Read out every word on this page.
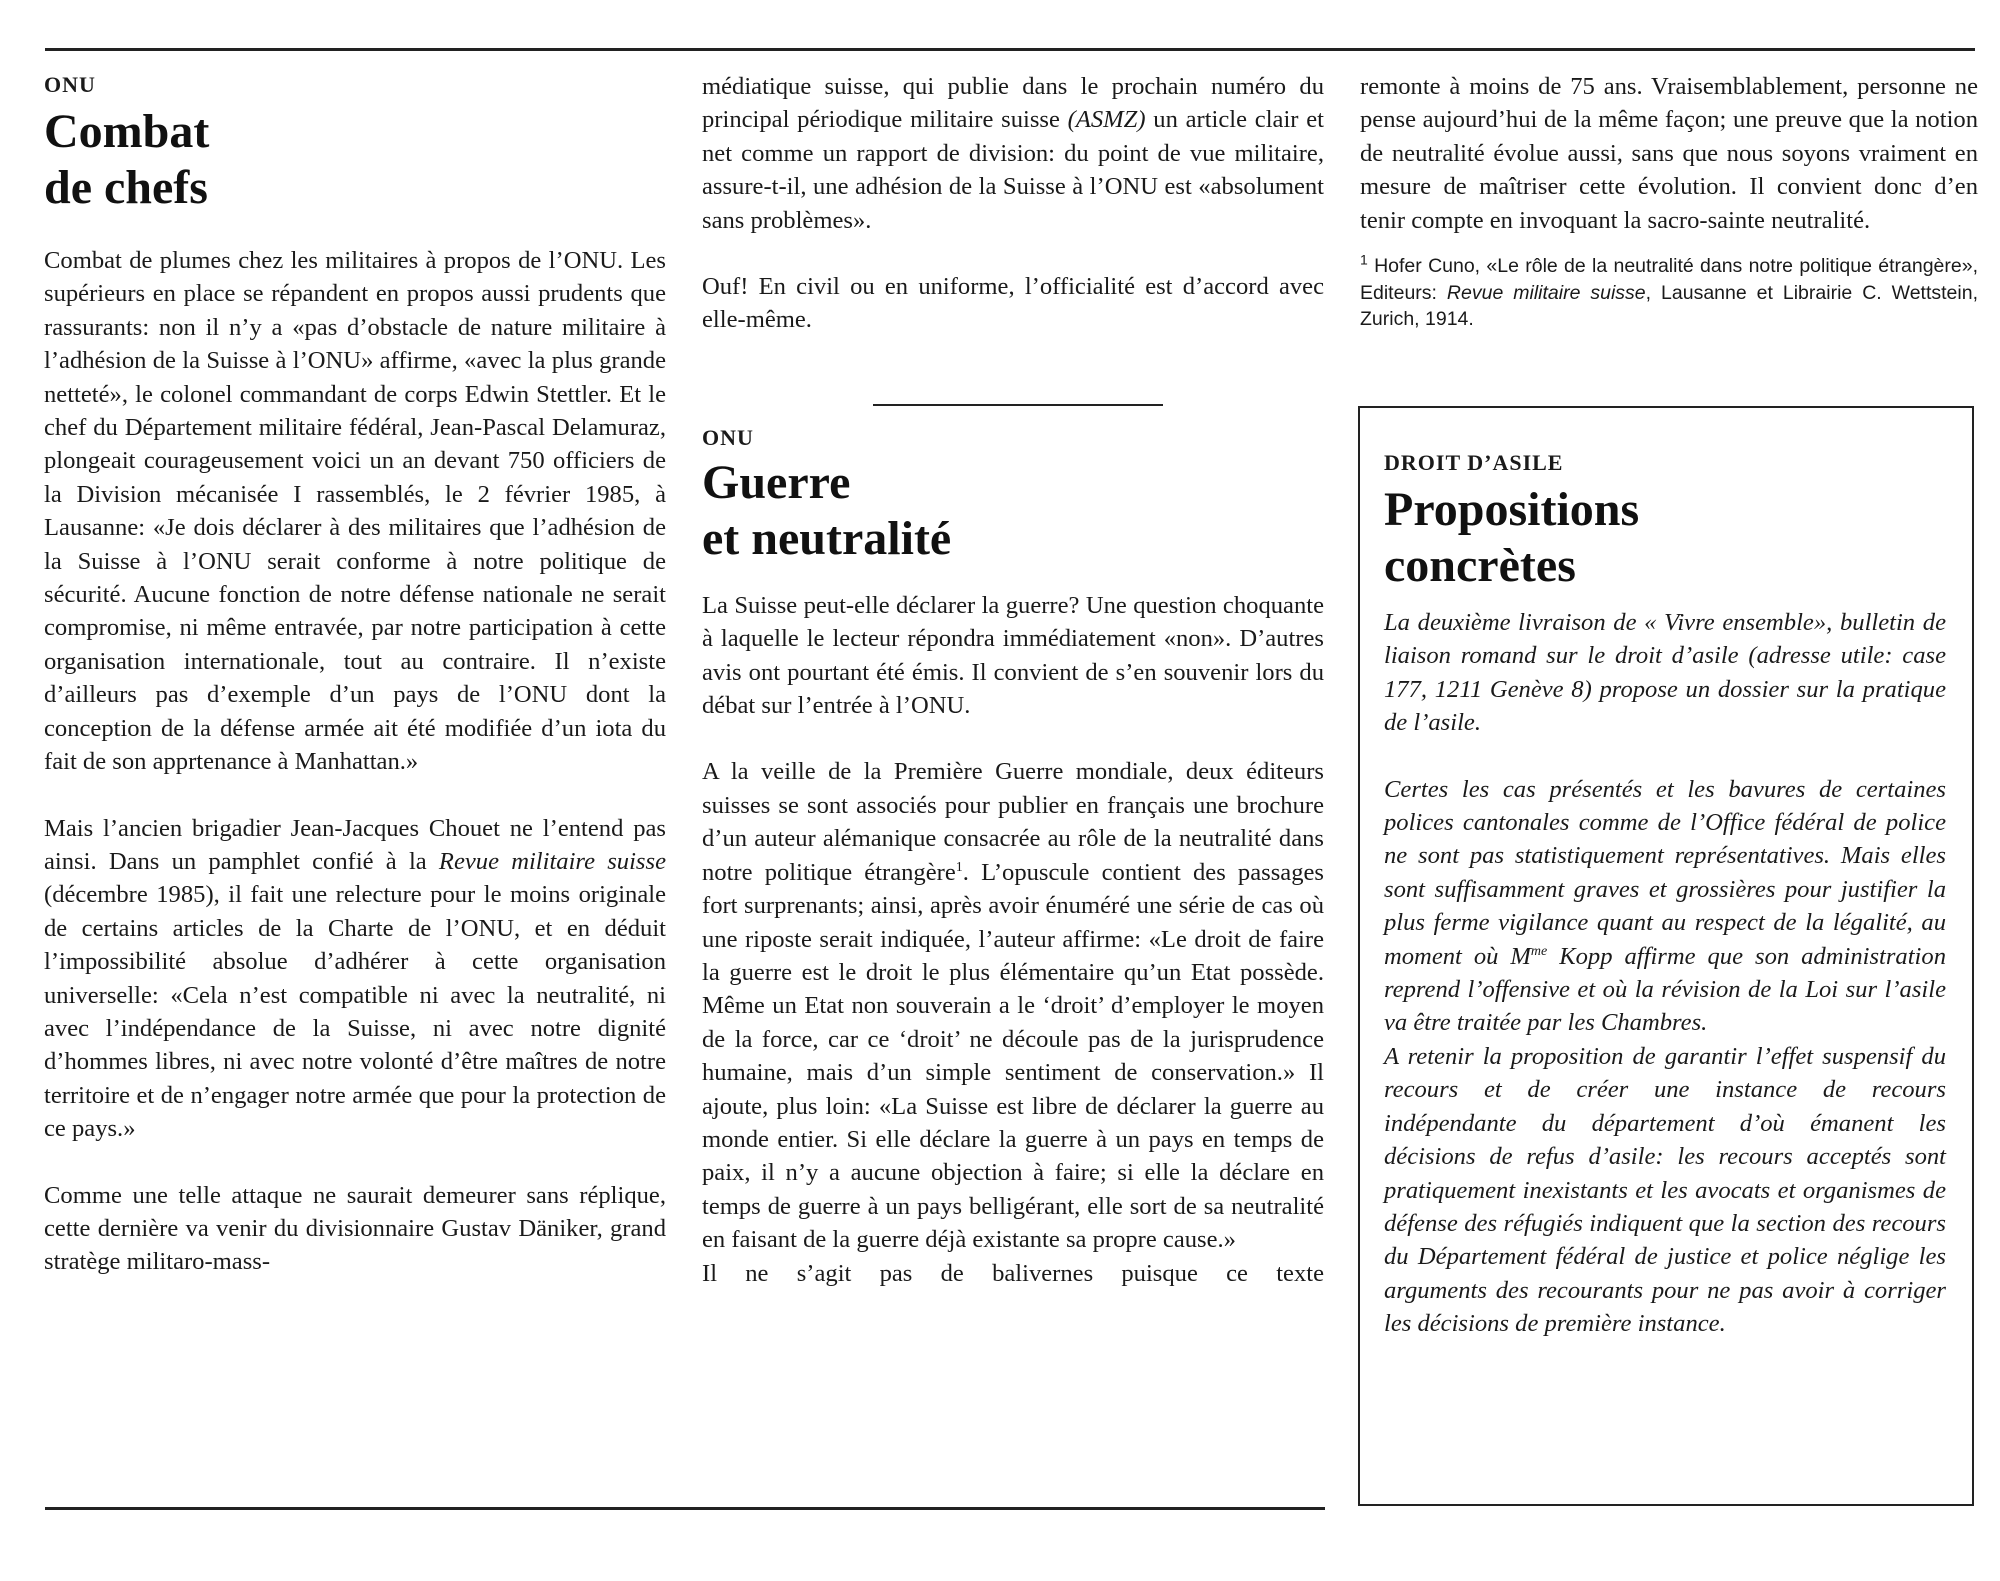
ONU

Combat
de chefs

Combat de plumes chez les militaires à propos de l’ONU. Les supérieurs en place se répandent en propos aussi prudents que rassurants: non il n’y a «pas d’obstacle de nature militaire à l’adhésion de la Suisse à l’ONU» affirme, «avec la plus grande netteté», le colonel commandant de corps Edwin Stettler. Et le chef du Département militaire fédéral, Jean-Pascal Delamuraz, plongeait courageusement voici un an devant 750 officiers de la Division mécanisée I rassemblés, le 2 février 1985, à Lausanne: «Je dois déclarer à des militaires que l’adhésion de la Suisse à l’ONU serait conforme à notre politique de sécurité. Aucune fonction de notre défense nationale ne serait compromise, ni même entravée, par notre participation à cette organisation internationale, tout au contraire. Il n’existe d’ailleurs pas d’exemple d’un pays de l’ONU dont la conception de la défense armée ait été modifiée d’un iota du fait de son apprtenance à Manhattan.»

Mais l’ancien brigadier Jean-Jacques Chouet ne l’entend pas ainsi. Dans un pamphlet confié à la Revue militaire suisse (décembre 1985), il fait une relecture pour le moins originale de certains articles de la Charte de l’ONU, et en déduit l’impossibilité absolue d’adhérer à cette organisation universelle: «Cela n’est compatible ni avec la neutralité, ni avec l’indépendance de la Suisse, ni avec notre dignité d’hommes libres, ni avec notre volonté d’être maîtres de notre territoire et de n’engager notre armée que pour la protection de ce pays.»

Comme une telle attaque ne saurait demeurer sans réplique, cette dernière va venir du divisionnaire Gustav Däniker, grand stratège militaro-mass-

médiatique suisse, qui publie dans le prochain numéro du principal périodique militaire suisse (ASMZ) un article clair et net comme un rapport de division: du point de vue militaire, assure-t-il, une adhésion de la Suisse à l’ONU est «absolument sans problèmes».

Ouf! En civil ou en uniforme, l’officialité est d’accord avec elle-même.

ONU

Guerre
et neutralité

La Suisse peut-elle déclarer la guerre? Une question choquante à laquelle le lecteur répondra immédiatement «non». D’autres avis ont pourtant été émis. Il convient de s’en souvenir lors du débat sur l’entrée à l’ONU.

A la veille de la Première Guerre mondiale, deux éditeurs suisses se sont associés pour publier en français une brochure d’un auteur alémanique consacrée au rôle de la neutralité dans notre politique étrangère$^1$. L’opuscule contient des passages fort surprenants; ainsi, après avoir énuméré une série de cas où une riposte serait indiquée, l’auteur affirme: «Le droit de faire la guerre est le droit le plus élémentaire qu’un Etat possède. Même un Etat non souverain a le ‘droit’ d’employer le moyen de la force, car ce ‘droit’ ne découle pas de la jurisprudence humaine, mais d’un simple sentiment de conservation.» Il ajoute, plus loin: «La Suisse est libre de déclarer la guerre au monde entier. Si elle déclare la guerre à un pays en temps de paix, il n’y a aucune objection à faire; si elle la déclare en temps de guerre à un pays belligérant, elle sort de sa neutralité en faisant de la guerre déjà existante sa propre cause.»

Il ne s’agit pas de balivernes puisque ce texte

remonte à moins de 75 ans. Vraisemblablement, personne ne pense aujourd’hui de la même façon; une preuve que la notion de neutralité évolue aussi, sans que nous soyons vraiment en mesure de maîtriser cette évolution. Il convient donc d’en tenir compte en invoquant la sacro-sainte neutralité.

$^1$ Hofer Cuno, «Le rôle de la neutralité dans notre politique étrangère», Editeurs: Revue militaire suisse, Lausanne et Librairie C. Wettstein, Zurich, 1914.

DROIT D’ASILE

Propositions
concrètes

La deuxième livraison de « Vivre ensemble», bulletin de liaison romand sur le droit d’asile (adresse utile: case 177, 1211 Genève 8) propose un dossier sur la pratique de l’asile.

Certes les cas présentés et les bavures de certaines polices cantonales comme de l’Office fédéral de police ne sont pas statistiquement représentatives. Mais elles sont suffisamment graves et grossières pour justifier la plus ferme vigilance quant au respect de la légalité, au moment où $M^{me}$ Kopp affirme que son administration reprend l’offensive et où la révision de la Loi sur l’asile va être traitée par les Chambres.

A retenir la proposition de garantir l’effet suspensif du recours et de créer une instance de recours indépendante du département d’où émanent les décisions de refus d’asile: les recours acceptés sont pratiquement inexistants et les avocats et organismes de défense des réfugiés indiquent que la section des recours du Département fédéral de justice et police néglige les arguments des recourants pour ne pas avoir à corriger les décisions de première instance.
